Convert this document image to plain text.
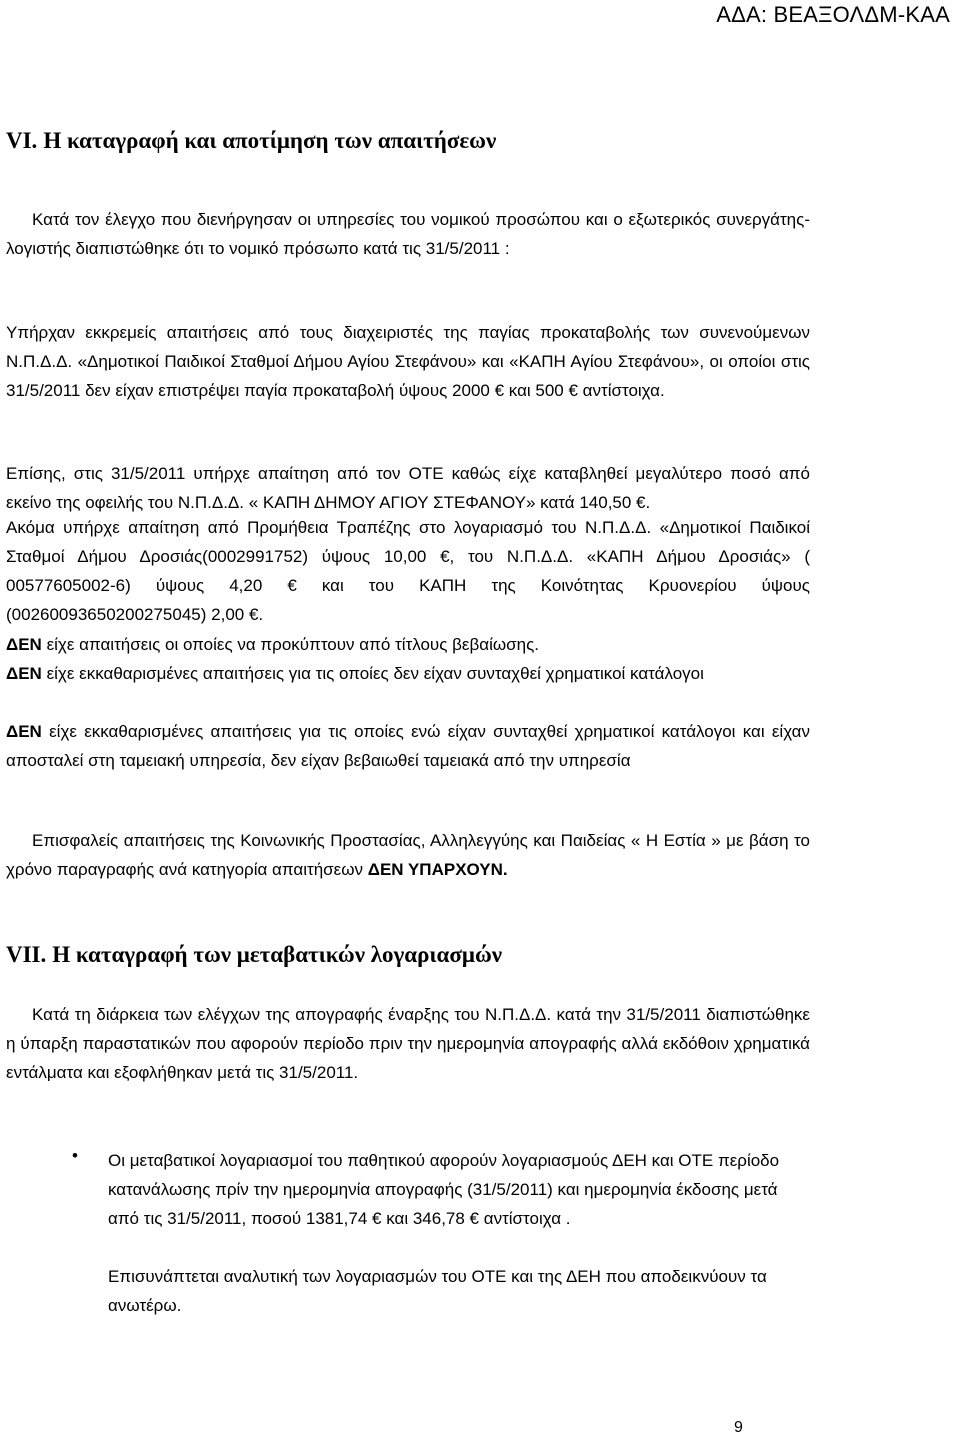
ΑΔΑ: ΒΕΑΞΟΛΔΜ-ΚΑΑ
VI. Η καταγραφή και αποτίμηση των απαιτήσεων

Κατά τον έλεγχο που διενήργησαν οι υπηρεσίες του νομικού προσώπου και ο εξωτερικός συνεργάτης-λογιστής διαπιστώθηκε ότι το νομικό πρόσωπο κατά τις 31/5/2011 :

Υπήρχαν εκκρεμείς απαιτήσεις από τους διαχειριστές της παγίας προκαταβολής των συνενούμενων Ν.Π.Δ.Δ. «Δημοτικοί Παιδικοί Σταθμοί Δήμου Αγίου Στεφάνου» και «ΚΑΠΗ Αγίου Στεφάνου», οι οποίοι στις 31/5/2011 δεν είχαν επιστρέψει παγία προκαταβολή ύψους 2000 € και 500 € αντίστοιχα.

Επίσης, στις 31/5/2011 υπήρχε απαίτηση από τον ΟΤΕ καθώς είχε καταβληθεί μεγαλύτερο ποσό από εκείνο της οφειλής του Ν.Π.Δ.Δ. « ΚΑΠΗ ΔΗΜΟΥ ΑΓΙΟΥ ΣΤΕΦΑΝΟΥ» κατά 140,50 €.

Ακόμα υπήρχε απαίτηση από Προμήθεια Τραπέζης στο λογαριασμό του Ν.Π.Δ.Δ. «Δημοτικοί Παιδικοί Σταθμοί Δήμου Δροσιάς(0002991752) ύψους 10,00 €, του Ν.Π.Δ.Δ. «ΚΑΠΗ Δήμου Δροσιάς» ( 00577605002-6) ύψους 4,20 € και του ΚΑΠΗ της Κοινότητας Κρυονερίου ύψους (00260093650200275045) 2,00 €.

ΔΕΝ είχε απαιτήσεις οι οποίες να προκύπτουν από τίτλους βεβαίωσης.

ΔΕΝ είχε εκκαθαρισμένες απαιτήσεις για τις οποίες δεν είχαν συνταχθεί χρηματικοί κατάλογοι

ΔΕΝ είχε εκκαθαρισμένες απαιτήσεις για τις οποίες ενώ είχαν συνταχθεί χρηματικοί κατάλογοι και είχαν αποσταλεί στη ταμειακή υπηρεσία, δεν είχαν βεβαιωθεί ταμειακά από την υπηρεσία

Επισφαλείς απαιτήσεις της Κοινωνικής Προστασίας, Αλληλεγγύης και Παιδείας « Η Εστία » με βάση το χρόνο παραγραφής ανά κατηγορία απαιτήσεων ΔΕΝ ΥΠΑΡΧΟΥΝ.

VII. Η καταγραφή των μεταβατικών λογαριασμών

Κατά τη διάρκεια των ελέγχων της απογραφής έναρξης του Ν.Π.Δ.Δ. κατά την 31/5/2011 διαπιστώθηκε η ύπαρξη παραστατικών που αφορούν περίοδο πριν την ημερομηνία απογραφής αλλά εκδόθοιν χρηματικά εντάλματα και εξοφλήθηκαν μετά τις 31/5/2011.

• Οι μεταβατικοί λογαριασμοί του παθητικού αφορούν λογαριασμούς ΔΕΗ και ΟΤΕ περίοδο κατανάλωσης πρίν την ημερομηνία απογραφής (31/5/2011) και ημερομηνία έκδοσης μετά από τις 31/5/2011, ποσού 1381,74 € και 346,78 € αντίστοιχα .

Επισυνάπτεται αναλυτική των λογαριασμών του ΟΤΕ και της ΔΕΗ που αποδεικνύουν τα ανωτέρω.

9
